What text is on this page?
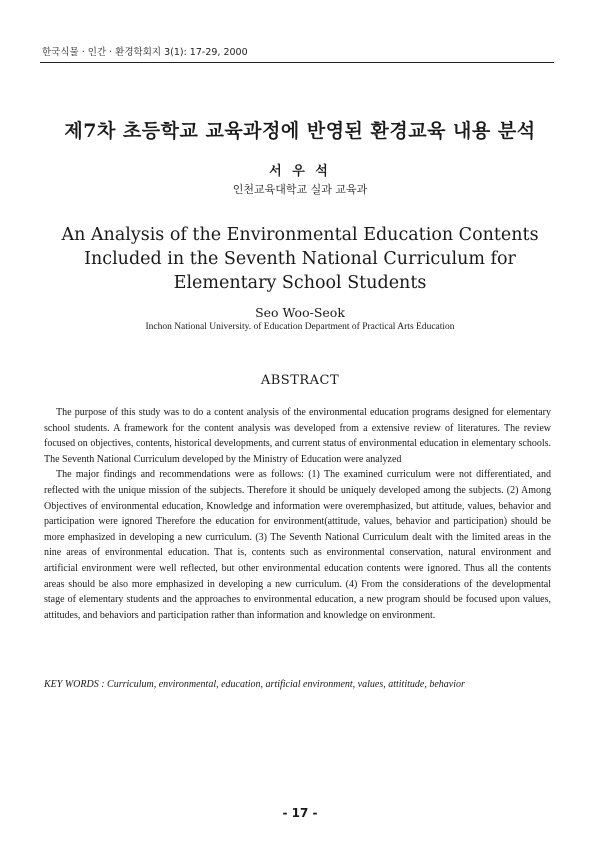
한국식물 · 인간 · 환경학회지 3(1): 17-29, 2000
제7차 초등학교 교육과정에 반영된 환경교육 내용 분석
서 우 석
인천교육대학교 실과 교육과
An Analysis of the Environmental Education Contents Included in the Seventh National Curriculum for Elementary School Students
Seo Woo-Seok
Inchon National University. of Education Department of Practical Arts Education
ABSTRACT

The purpose of this study was to do a content analysis of the environmental education programs designed for elementary school students. A framework for the content analysis was developed from a extensive review of literatures. The review focused on objectives, contents, historical developments, and current status of environmental education in elementary schools. The Seventh National Curriculum developed by the Ministry of Education were analyzed

The major findings and recommendations were as follows: (1) The examined curriculum were not differentiated, and reflected with the unique mission of the subjects. Therefore it should be uniquely developed among the subjects. (2) Among Objectives of environmental education, Knowledge and information were overemphasized, but attitude, values, behavior and participation were ignored Therefore the education for environment(attitude, values, behavior and participation) should be more emphasized in developing a new curriculum. (3) The Seventh National Curriculum dealt with the limited areas in the nine areas of environmental education. That is, contents such as environmental conservation, natural environment and artificial environment were well reflected, but other environmental education contents were ignored. Thus all the contents areas should be also more emphasized in developing a new curriculum. (4) From the considerations of the developmental stage of elementary students and the approaches to environmental education, a new program should be focused upon values, attitudes, and behaviors and participation rather than information and knowledge on environment.

KEY WORDS : Curriculum, environmental, education, artificial environment, values, attititude, behavior
- 17 -
